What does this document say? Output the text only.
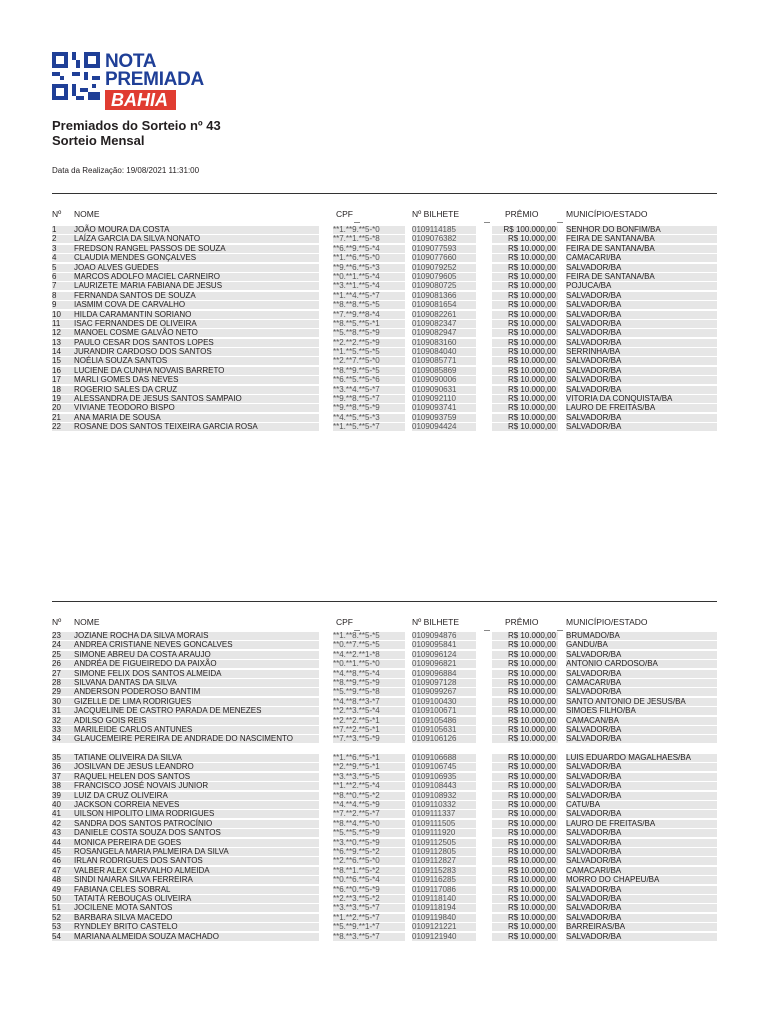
NOTA
PREMIADA
BAHIA
Premiados do Sorteio nº 43
Sorteio Mensal
Data da Realização: 19/08/2021 11:31:00
Nº NOME	CPF	Nº BILHETE	PRÊMIO	MUNICÍPIO/ESTADO
1 JOÃO MOURA DA COSTA	**1.**9.**5-*0	0109114185	R$ 100.000,00 SENHOR DO BONFIM/BA
2 LAÍZA GARCIA DA SILVA NONATO	**7.**1.**5-*8	0109076382	R$ 10.000,00 FEIRA DE SANTANA/BA
3 FREDSON RANGEL PASSOS DE SOUZA	**6.**9.**5-*4	0109077593	R$ 10.000,00 FEIRA DE SANTANA/BA
4 CLAUDIA MENDES GONÇALVES	**1.**6.**5-*0	0109077660	R$ 10.000,00 CAMACARI/BA
5 JOAO ALVES GUEDES	**9.**6.**5-*3	0109079252	R$ 10.000,00 SALVADOR/BA
6 MARCOS ADOLFO MACIEL CARNEIRO	**0.**1.**5-*4	0109079605	R$ 10.000,00 FEIRA DE SANTANA/BA
7 LAURIZETE MARIA FABIANA DE JESUS	**3.**1.**5-*4	0109080725	R$ 10.000,00 POJUCA/BA
8 FERNANDA SANTOS DE SOUZA	**1.**4.**5-*7	0109081366	R$ 10.000,00 SALVADOR/BA
9 IASMIM COVA DE CARVALHO	**8.**8.**5-*5	0109081654	R$ 10.000,00 SALVADOR/BA
10 HILDA CARAMANTIN SORIANO	**7.**9.**8-*4	0109082261	R$ 10.000,00 SALVADOR/BA
11 ISAC FERNANDES DE OLIVEIRA	**8.**5.**5-*1	0109082347	R$ 10.000,00 SALVADOR/BA
12 MANOEL COSME GALVÃO NETO	**5.**8.**5-*9	0109082947	R$ 10.000,00 SALVADOR/BA
13 PAULO CESAR DOS SANTOS LOPES	**2.**2.**5-*9	0109083160	R$ 10.000,00 SALVADOR/BA
14 JURANDIR CARDOSO DOS SANTOS	**1.**5.**5-*5	0109084040	R$ 10.000,00 SERRINHA/BA
15 NOÉLIA SOUZA SANTOS	**2.**7.**5-*0	0109085771	R$ 10.000,00 SALVADOR/BA
16 LUCIENE DA CUNHA NOVAIS BARRETO	**8.**9.**5-*5	0109085869	R$ 10.000,00 SALVADOR/BA
17 MARLI GOMES DAS NEVES	**6.**5.**5-*6	0109090006	R$ 10.000,00 SALVADOR/BA
18 ROGERIO SALES DA CRUZ	**3.**4.**5-*7	0109090631	R$ 10.000,00 SALVADOR/BA
19 ALESSANDRA DE JESUS SANTOS SAMPAIO	**9.**8.**5-*7	0109092110	R$ 10.000,00 VITORIA DA CONQUISTA/BA
20 VIVIANE TEODORO BISPO	**9.**8.**5-*9	0109093741	R$ 10.000,00 LAURO DE FREITAS/BA
21 ANA MARIA DE SOUSA	**4.**5.**5-*3	0109093759	R$ 10.000,00 SALVADOR/BA
22 ROSANE DOS SANTOS TEIXEIRA GARCIA ROSA	**1.**5.**5-*7	0109094424	R$ 10.000,00 SALVADOR/BA
Nº NOME	CPF	Nº BILHETE	PRÊMIO	MUNICÍPIO/ESTADO
23 JOZIANE ROCHA DA SILVA MORAIS	**1.**8.**5-*5	0109094876	R$ 10.000,00 BRUMADO/BA
24 ANDREA CRISTIANE NEVES GONCALVES	**0.**7.**5-*5	0109095841	R$ 10.000,00 GANDU/BA
25 SIMONE ABREU DA COSTA ARAUJO	**4.**2.**1-*8	0109096124	R$ 10.000,00 SALVADOR/BA
26 ANDRÉA DE FIGUEIREDO DA PAIXÃO	**0.**1.**5-*0	0109096821	R$ 10.000,00 ANTONIO CARDOSO/BA
27 SIMONE FELIX DOS SANTOS ALMEIDA	**4.**8.**5-*4	0109096884	R$ 10.000,00 SALVADOR/BA
28 SILVANA DANTAS DA SILVA	**8.**9.**5-*9	0109097128	R$ 10.000,00 CAMACARI/BA
29 ANDERSON PODEROSO BANTIM	**5.**9.**5-*8	0109099267	R$ 10.000,00 SALVADOR/BA
30 GIZELLE DE LIMA RODRIGUES	**4.**8.**3-*7	0109100430	R$ 10.000,00 SANTO ANTONIO DE JESUS/BA
31 JACQUELINE DE CASTRO PARADA DE MENEZES	**2.**3.**5-*4	0109100671	R$ 10.000,00 SIMOES FILHO/BA
32 ADILSO GOIS REIS	**2.**2.**5-*1	0109105486	R$ 10.000,00 CAMACAN/BA
33 MARILEIDE CARLOS ANTUNES	**7.**2.**5-*1	0109105631	R$ 10.000,00 SALVADOR/BA
34 GLAUCEMEIRE PEREIRA DE ANDRADE DO NASCIMENTO	**7.**3.**5-*9	0109106126	R$ 10.000,00 SALVADOR/BA
35 TATIANE OLIVEIRA DA SILVA	**1.**6.**5-*1	0109106688	R$ 10.000,00 LUIS EDUARDO MAGALHAES/BA
36 JOSILVAN DE JESUS LEANDRO	**2.**9.**5-*1	0109106745	R$ 10.000,00 SALVADOR/BA
37 RAQUEL HELEN DOS SANTOS	**3.**3.**5-*5	0109106935	R$ 10.000,00 SALVADOR/BA
38 FRANCISCO JOSÉ NOVAIS JUNIOR	**1.**2.**5-*4	0109108443	R$ 10.000,00 SALVADOR/BA
39 LUIZ DA CRUZ OLIVEIRA	**8.**0.**5-*2	0109108932	R$ 10.000,00 SALVADOR/BA
40 JACKSON CORREIA NEVES	**4.**4.**5-*9	0109110332	R$ 10.000,00 CATU/BA
41 UILSON HIPOLITO LIMA RODRIGUES	**7.**2.**5-*7	0109111337	R$ 10.000,00 SALVADOR/BA
42 SANDRA DOS SANTOS PATROCÍNIO	**8.**4.**5-*0	0109111505	R$ 10.000,00 LAURO DE FREITAS/BA
43 DANIELE COSTA SOUZA DOS SANTOS	**5.**5.**5-*9	0109111920	R$ 10.000,00 SALVADOR/BA
44 MONICA PEREIRA DE GOES	**3.**0.**5-*9	0109112505	R$ 10.000,00 SALVADOR/BA
45 ROSANGELA MARIA PALMEIRA DA SILVA	**6.**9.**5-*2	0109112805	R$ 10.000,00 SALVADOR/BA
46 IRLAN RODRIGUES DOS SANTOS	**2.**6.**5-*0	0109112827	R$ 10.000,00 SALVADOR/BA
47 VALBER ALEX CARVALHO ALMEIDA	**8.**1.**5-*2	0109115283	R$ 10.000,00 CAMACARI/BA
48 SINDI NAIARA SILVA FERREIRA	**0.**6.**5-*4	0109116285	R$ 10.000,00 MORRO DO CHAPEU/BA
49 FABIANA CELES SOBRAL	**6.**0.**5-*9	0109117086	R$ 10.000,00 SALVADOR/BA
50 TATAITÁ REBOUÇAS OLIVEIRA	**2.**3.**5-*2	0109118140	R$ 10.000,00 SALVADOR/BA
51 JOCILENE MOTA SANTOS	**3.**3.**5-*7	0109118194	R$ 10.000,00 SALVADOR/BA
52 BARBARA SILVA MACEDO	**1.**2.**5-*7	0109119840	R$ 10.000,00 SALVADOR/BA
53 RYNDLEY BRITO CASTELO	**5.**9.**1-*7	0109121221	R$ 10.000,00 BARREIRAS/BA
54 MARIANA ALMEIDA SOUZA MACHADO	**8.**3.**5-*7	0109121940	R$ 10.000,00 SALVADOR/BA
